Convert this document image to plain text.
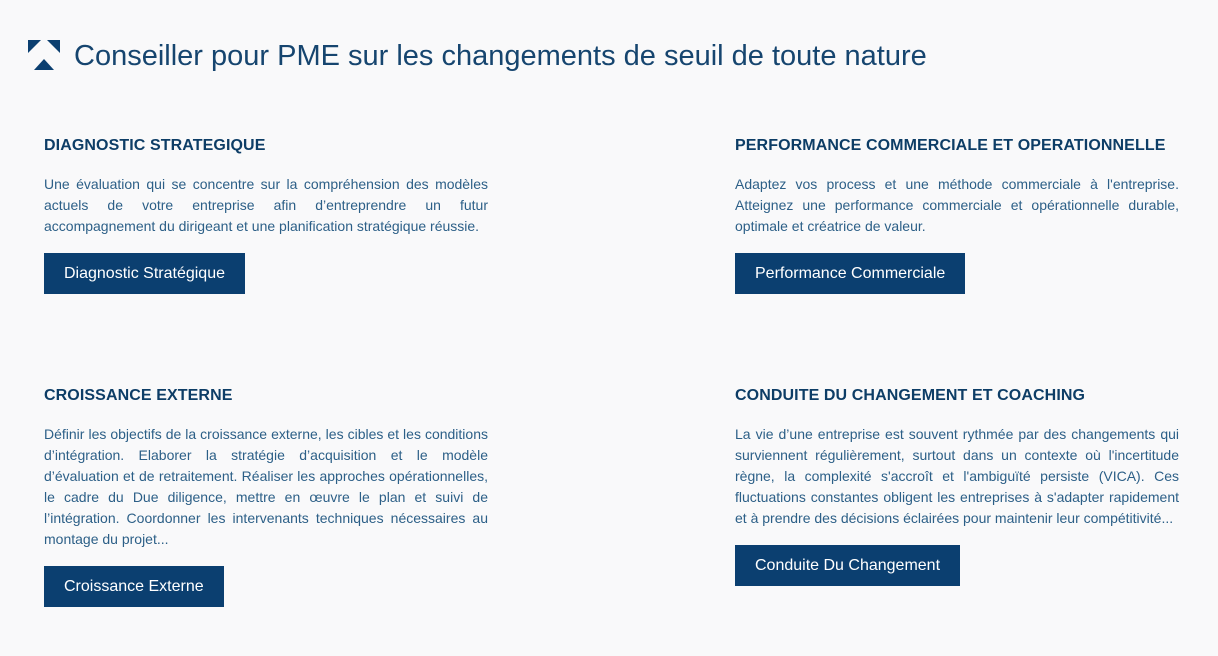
Conseiller pour PME sur les changements de seuil de toute nature
DIAGNOSTIC STRATEGIQUE
Une évaluation qui se concentre sur la compréhension des modèles actuels de votre entreprise afin d’entreprendre un futur accompagnement du dirigeant et une planification stratégique réussie.
Diagnostic Stratégique
PERFORMANCE COMMERCIALE ET OPERATIONNELLE
Adaptez vos process et une méthode commerciale à l'entreprise. Atteignez une performance commerciale et opérationnelle durable, optimale et créatrice de valeur.
Performance Commerciale
CROISSANCE EXTERNE
Définir les objectifs de la croissance externe, les cibles et les conditions d’intégration. Elaborer la stratégie d’acquisition et le modèle d’évaluation et de retraitement. Réaliser les approches opérationnelles, le cadre du Due diligence, mettre en œuvre le plan et suivi de l’intégration. Coordonner les intervenants techniques nécessaires au montage du projet...
Croissance Externe
CONDUITE DU CHANGEMENT ET COACHING
La vie d’une entreprise est souvent rythmée par des changements qui surviennent régulièrement, surtout dans un contexte où l'incertitude règne, la complexité s'accroît et l'ambiguïté persiste (VICA). Ces fluctuations constantes obligent les entreprises à s'adapter rapidement et à prendre des décisions éclairées pour maintenir leur compétitivité...
Conduite Du Changement
